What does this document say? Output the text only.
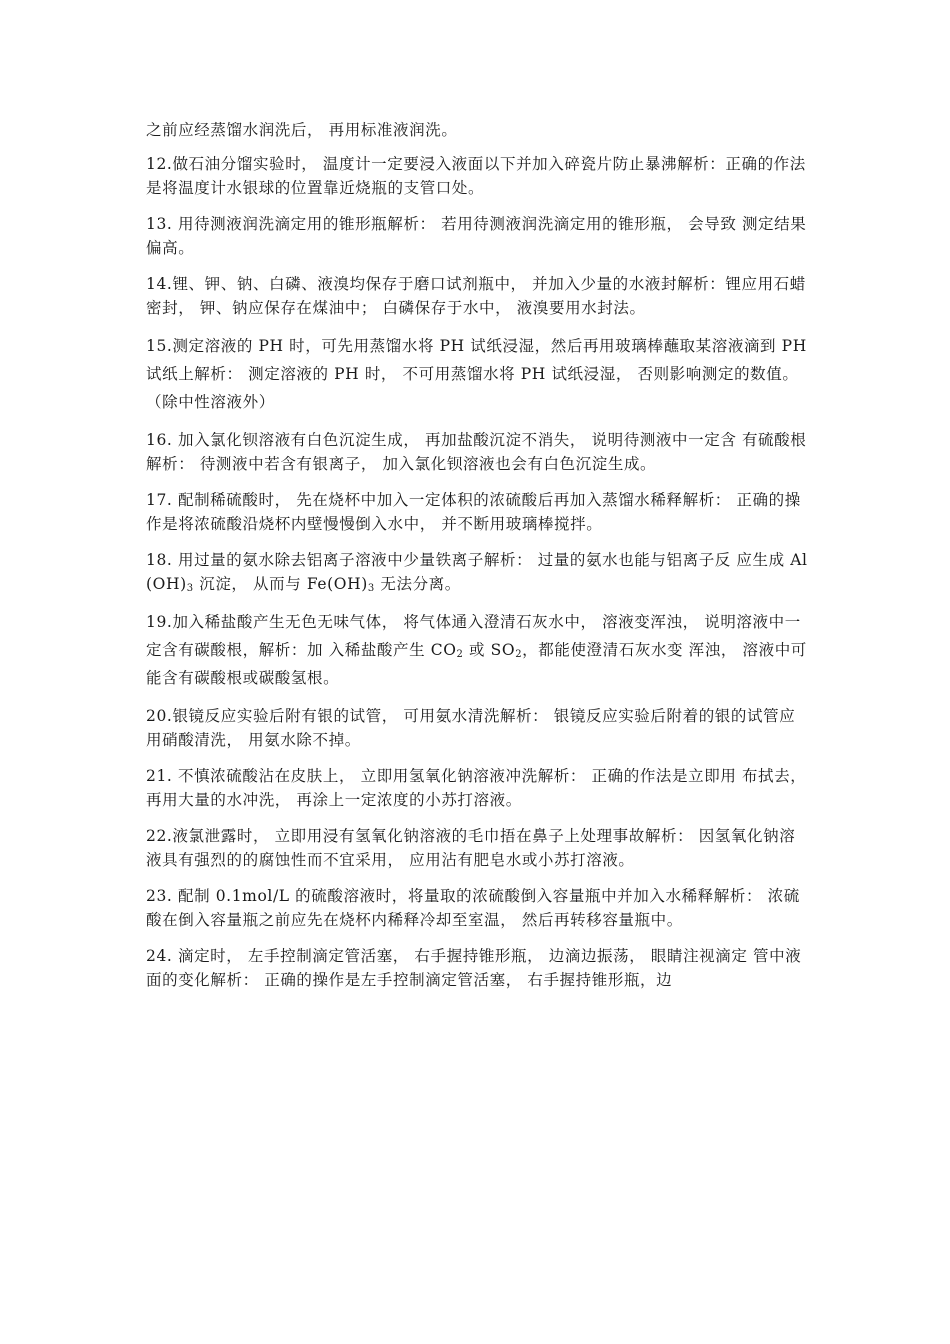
之前应经蒸馏水润洗后， 再用标准液润洗。

12.做石油分馏实验时， 温度计一定要浸入液面以下并加入碎瓷片防止暴沸解析：正确的作法是将温度计水银球的位置靠近烧瓶的支管口处。

13. 用待测液润洗滴定用的锥形瓶解析： 若用待测液润洗滴定用的锥形瓶， 会导致 测定结果偏高。

14.锂、钾、钠、白磷、液溴均保存于磨口试剂瓶中， 并加入少量的水液封解析：锂应用石蜡密封， 钾、钠应保存在煤油中； 白磷保存于水中， 液溴要用水封法。

15.测定溶液的 PH 时，可先用蒸馏水将 PH 试纸浸湿，然后再用玻璃棒蘸取某溶液滴到 PH 试纸上解析： 测定溶液的 PH 时， 不可用蒸馏水将 PH 试纸浸湿， 否则影响测定的数值。（除中性溶液外）

16. 加入氯化钡溶液有白色沉淀生成， 再加盐酸沉淀不消失， 说明待测液中一定含 有硫酸根解析： 待测液中若含有银离子， 加入氯化钡溶液也会有白色沉淀生成。

17. 配制稀硫酸时， 先在烧杯中加入一定体积的浓硫酸后再加入蒸馏水稀释解析： 正确的操作是将浓硫酸沿烧杯内壁慢慢倒入水中， 并不断用玻璃棒搅拌。

18. 用过量的氨水除去铝离子溶液中少量铁离子解析： 过量的氨水也能与铝离子反 应生成 $Al(OH)_3$ 沉淀， 从而与 $Fe(OH)_3$ 无法分离。

19.加入稀盐酸产生无色无味气体， 将气体通入澄清石灰水中， 溶液变浑浊， 说明溶液中一定含有碳酸根，解析：加 入稀盐酸产生 $CO_2$ 或 $SO_2$，都能使澄清石灰水变 浑浊， 溶液中可能含有碳酸根或碳酸氢根。

20.银镜反应实验后附有银的试管， 可用氨水清洗解析： 银镜反应实验后附着的银的试管应用硝酸清洗， 用氨水除不掉。

21. 不慎浓硫酸沾在皮肤上， 立即用氢氧化钠溶液冲洗解析： 正确的作法是立即用 布拭去， 再用大量的水冲洗， 再涂上一定浓度的小苏打溶液。

22.液氯泄露时， 立即用浸有氢氧化钠溶液的毛巾捂在鼻子上处理事故解析： 因氢氧化钠溶液具有强烈的的腐蚀性而不宜采用， 应用沾有肥皂水或小苏打溶液。

23. 配制 0.1mol/L 的硫酸溶液时，将量取的浓硫酸倒入容量瓶中并加入水稀释解析： 浓硫酸在倒入容量瓶之前应先在烧杯内稀释冷却至室温， 然后再转移容量瓶中。

24. 滴定时， 左手控制滴定管活塞， 右手握持锥形瓶， 边滴边振荡， 眼睛注视滴定 管中液面的变化解析： 正确的操作是左手控制滴定管活塞， 右手握持锥形瓶，边
